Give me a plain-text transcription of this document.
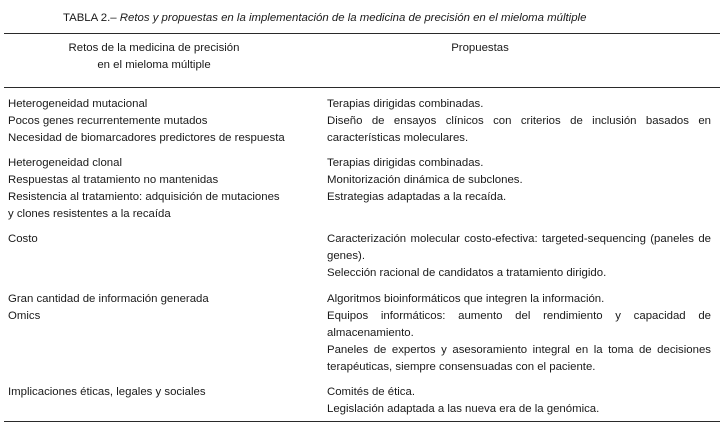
TABLA 2.– Retos y propuestas en la implementación de la medicina de precisión en el mieloma múltiple
Retos de la medicina de precisión
en el mieloma múltiple
Propuestas
Heterogeneidad mutacional
Pocos genes recurrentemente mutados
Necesidad de biomarcadores predictores de respuesta
Terapias dirigidas combinadas.
Diseño de ensayos clínicos con criterios de inclusión basados en características moleculares.
Heterogeneidad clonal
Respuestas al tratamiento no mantenidas
Resistencia al tratamiento: adquisición de mutaciones
y clones resistentes a la recaída
Terapias dirigidas combinadas.
Monitorización dinámica de subclones.
Estrategias adaptadas a la recaída.
Costo	Caracterización molecular costo-efectiva: targeted-sequencing (paneles de genes).
Selección racional de candidatos a tratamiento dirigido.
Gran cantidad de información generada
Omics
Algoritmos bioinformáticos que integren la información.
Equipos informáticos: aumento del rendimiento y capacidad de almacenamiento.
Paneles de expertos y asesoramiento integral en la toma de decisiones terapéuticas, siempre consensuadas con el paciente.
Implicaciones éticas, legales y sociales	Comités de ética.
Legislación adaptada a las nueva era de la genómica.
